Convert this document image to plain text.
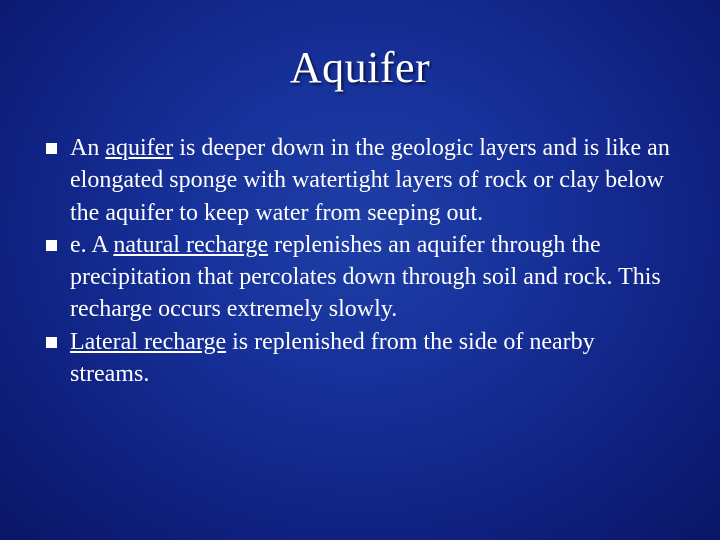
Aquifer
An aquifer is deeper down in the geologic layers and is like an elongated sponge with watertight layers of rock or clay below the aquifer to keep water from seeping out.
e. A natural recharge replenishes an aquifer through the precipitation that percolates down through soil and rock. This recharge occurs extremely slowly.
Lateral recharge is replenished from the side of nearby streams.
